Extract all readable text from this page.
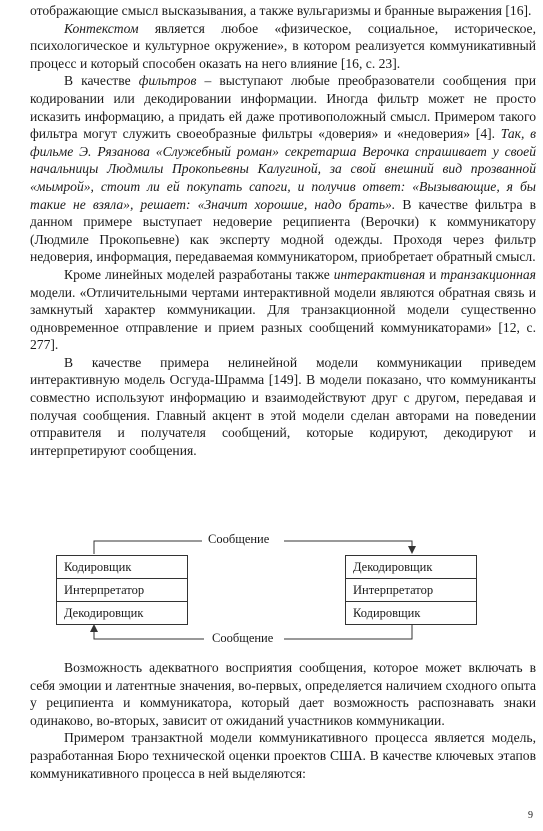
отображающие смысл высказывания, а также вульгаризмы и бранные выражения [16].

Контекстом является любое «физическое, социальное, историческое, психологическое и культурное окружение», в котором реализуется коммуникативный процесс и который способен оказать на него влияние [16, с. 23].

В качестве фильтров – выступают любые преобразователи сообщения при кодировании или декодировании информации. Иногда фильтр может не просто исказить информацию, а придать ей даже противоположный смысл. Примером такого фильтра могут служить своеобразные фильтры «доверия» и «недоверия» [4]. Так, в фильме Э. Рязанова «Служебный роман» секретарша Верочка спрашивает у своей начальницы Людмилы Прокопьевны Калугиной, за свой внешний вид прозванной «мымрой», стоит ли ей покупать сапоги, и получив ответ: «Вызывающие, я бы такие не взяла», решает: «Значит хорошие, надо брать». В качестве фильтра в данном примере выступает недоверие реципиента (Верочки) к коммуникатору (Людмиле Прокопьевне) как эксперту модной одежды. Проходя через фильтр недоверия, информация, передаваемая коммуникатором, приобретает обратный смысл.

Кроме линейных моделей разработаны также интерактивная и транзакционная модели. «Отличительными чертами интерактивной модели являются обратная связь и замкнутый характер коммуникации. Для транзакционной модели существенно одновременное отправление и прием разных сообщений коммуникаторами» [12, с. 277].

В качестве примера нелинейной модели коммуникации приведем интерактивную модель Осгуда-Шрамма [149]. В модели показано, что коммуниканты совместно используют информацию и взаимодействуют друг с другом, передавая и получая сообщения. Главный акцент в этой модели сделан авторами на поведении отправителя и получателя сообщений, которые кодируют, декодируют и интерпретируют сообщения.

Сообщение
Сообщение
Кодировщик
Интерпретатор
Декодировщик
Декодировщик
Интерпретатор
Кодировщик

Возможность адекватного восприятия сообщения, которое может включать в себя эмоции и латентные значения, во-первых, определяется наличием сходного опыта у реципиента и коммуникатора, который дает возможность распознавать знаки одинаково, во-вторых, зависит от ожиданий участников коммуникации.

Примером транзактной модели коммуникативного процесса является модель, разработанная Бюро технической оценки проектов США. В качестве ключевых этапов коммуникативного процесса в ней выделяются:

9
